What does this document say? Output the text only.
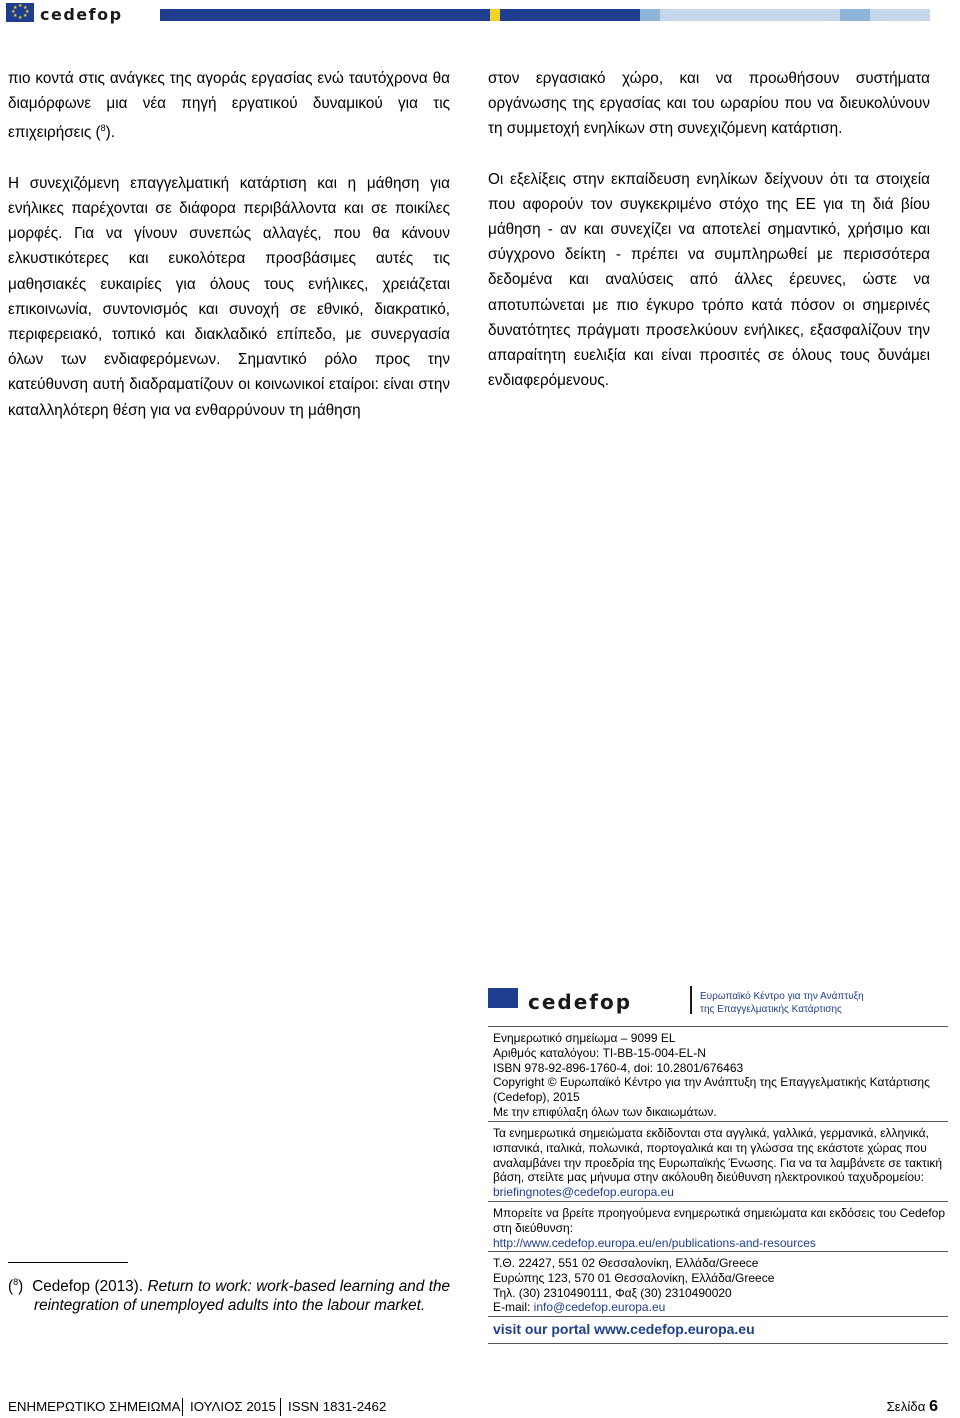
★ ★
★
★
★
★
★
★ cedefop

πιο κοντά στις ανάγκες της αγοράς εργασίας ενώ ταυτόχρονα θα διαμόρφωνε μια νέα πηγή εργατικού δυναμικού για τις επιχειρήσεις ($^8$).

Η συνεχιζόμενη επαγγελματική κατάρτιση και η μάθηση για ενήλικες παρέχονται σε διάφορα περιβάλλοντα και σε ποικίλες μορφές. Για να γίνουν συνεπώς αλλαγές, που θα κάνουν ελκυστικότερες και ευκολότερα προσβάσιμες αυτές τις μαθησιακές ευκαιρίες για όλους τους ενήλικες, χρειάζεται επικοινωνία, συντονισμός και συνοχή σε εθνικό, διακρατικό, περιφερειακό, τοπικό και διακλαδικό επίπεδο, με συνεργασία όλων των ενδιαφερόμενων. Σημαντικό ρόλο προς την κατεύθυνση αυτή διαδραματίζουν οι κοινωνικοί εταίροι: είναι στην καταλληλότερη θέση για να ενθαρρύνουν τη μάθηση

στον εργασιακό χώρο, και να προωθήσουν συστήματα οργάνωσης της εργασίας και του ωραρίου που να διευκολύνουν τη συμμετοχή ενηλίκων στη συνεχιζόμενη κατάρτιση.

Οι εξελίξεις στην εκπαίδευση ενηλίκων δείχνουν ότι τα στοιχεία που αφορούν τον συγκεκριμένο στόχο της ΕΕ για τη διά βίου μάθηση - αν και συνεχίζει να αποτελεί σημαντικό, χρήσιμο και σύγχρονο δείκτη - πρέπει να συμπληρωθεί με περισσότερα δεδομένα και αναλύσεις από άλλες έρευνες, ώστε να αποτυπώνεται με πιο έγκυρο τρόπο κατά πόσον οι σημερινές δυνατότητες πράγματι προσελκύουν ενήλικες, εξασφαλίζουν την απαραίτητη ευελιξία και είναι προσιτές σε όλους τους δυνάμει ενδιαφερόμενους.

($^8$) Cedefop (2013). Return to work: work-based learning and the reintegration of unemployed adults into the labour market.
cedefop	Ευρωπαϊκό Κέντρο για την Ανάπτυξη
της Επαγγελματικής Κατάρτισης
Ενημερωτικό σημείωμα – 9099 EL
Αριθμός καταλόγου: TI-BB-15-004-EL-N
ISBN 978-92-896-1760-4, doi: 10.2801/676463
Copyright © Ευρωπαϊκό Κέντρο για την Ανάπτυξη της Επαγγελματικής Κατάρτισης (Cedefop), 2015
Με την επιφύλαξη όλων των δικαιωμάτων.
Τα ενημερωτικά σημειώματα εκδίδονται στα αγγλικά, γαλλικά, γερμανικά, ελληνικά, ισπανικά, ιταλικά, πολωνικά, πορτογαλικά και τη γλώσσα της εκάστοτε χώρας που αναλαμβάνει την προεδρία της Ευρωπαϊκής Ένωσης. Για να τα λαμβάνετε σε τακτική βάση, στείλτε μας μήνυμα στην ακόλουθη διεύθυνση ηλεκτρονικού ταχυδρομείου: briefingnotes@cedefop.europa.eu
Μπορείτε να βρείτε προηγούμενα ενημερωτικά σημειώματα και εκδόσεις του Cedefop στη διεύθυνση:
http://www.cedefop.europa.eu/en/publications-and-resources
Τ.Θ. 22427, 551 02 Θεσσαλονίκη, Ελλάδα/Greece
Ευρώπης 123, 570 01 Θεσσαλονίκη, Ελλάδα/Greece
Τηλ. (30) 2310490111, Φαξ (30) 2310490020
E-mail: info@cedefop.europa.eu
visit our portal www.cedefop.europa.eu
ΕΝΗΜΕΡΩΤΙΚΟ ΣΗΜΕΙΩΜΑ ΙΟΥΛΙΟΣ 2015 ISSN 1831-2462	Σελίδα 6
